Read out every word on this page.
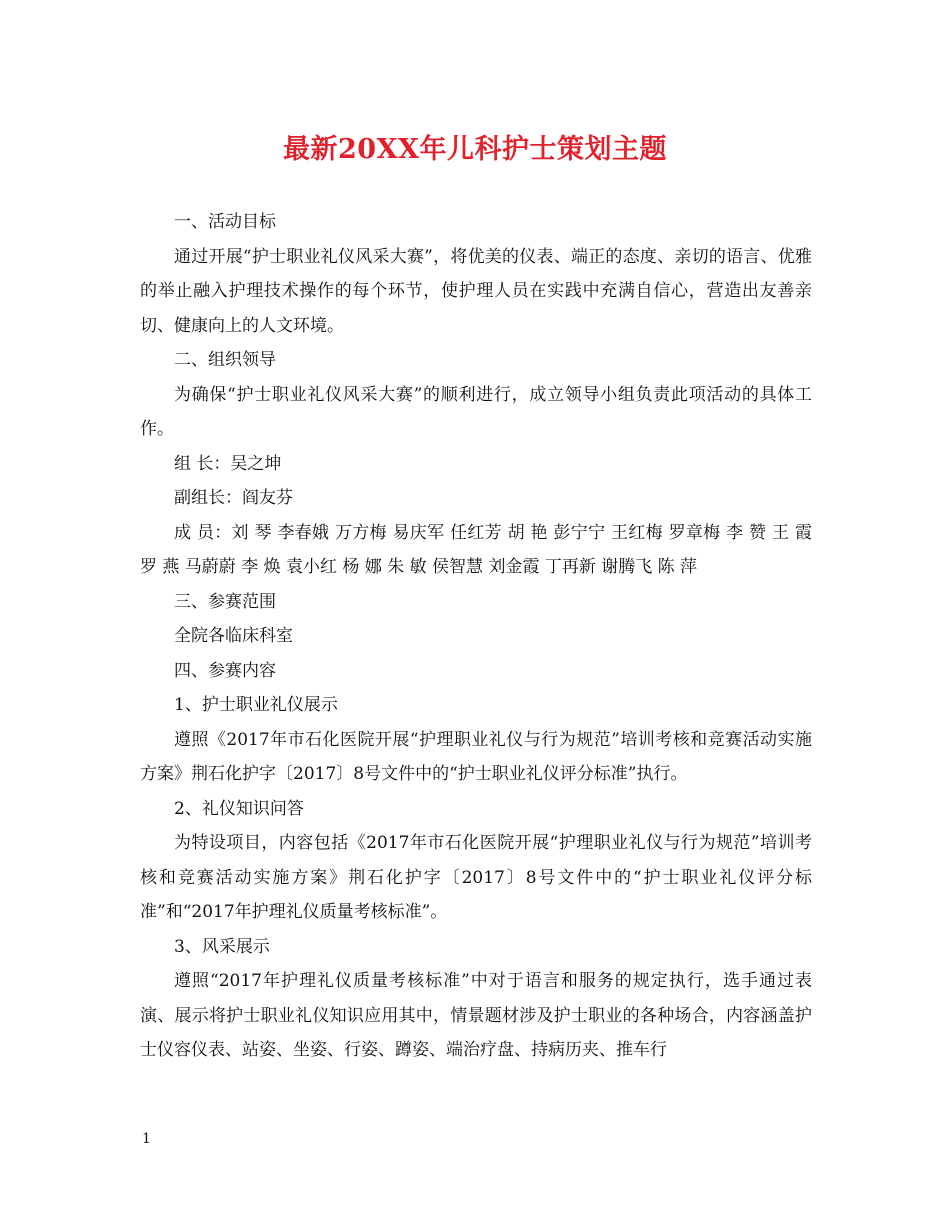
最新20XX年儿科护士策划主题

一、活动目标

通过开展“护士职业礼仪风采大赛”，将优美的仪表、端正的态度、亲切的语言、优雅的举止融入护理技术操作的每个环节，使护理人员在实践中充满自信心，营造出友善亲切、健康向上的人文环境。

二、组织领导

为确保“护士职业礼仪风采大赛”的顺利进行，成立领导小组负责此项活动的具体工作。

组 长：吴之坤

副组长：阎友芬

成 员：刘 琴 李春娥 万方梅 易庆军 任红芳 胡 艳 彭宁宁 王红梅 罗章梅 李 赞 王 霞 罗 燕 马蔚蔚 李 焕 袁小红 杨 娜 朱 敏 侯智慧 刘金霞 丁再新 谢腾飞 陈 萍

三、参赛范围

全院各临床科室

四、参赛内容

1、护士职业礼仪展示

遵照《2017年市石化医院开展“护理职业礼仪与行为规范”培训考核和竞赛活动实施方案》荆石化护字〔2017〕8号文件中的“护士职业礼仪评分标准”执行。

2、礼仪知识问答

为特设项目，内容包括《2017年市石化医院开展“护理职业礼仪与行为规范”培训考核和竞赛活动实施方案》荆石化护字〔2017〕8号文件中的“护士职业礼仪评分标准”和“2017年护理礼仪质量考核标准”。

3、风采展示

遵照“2017年护理礼仪质量考核标准”中对于语言和服务的规定执行，选手通过表演、展示将护士职业礼仪知识应用其中，情景题材涉及护士职业的各种场合，内容涵盖护士仪容仪表、站姿、坐姿、行姿、蹲姿、端治疗盘、持病历夹、推车行

1
